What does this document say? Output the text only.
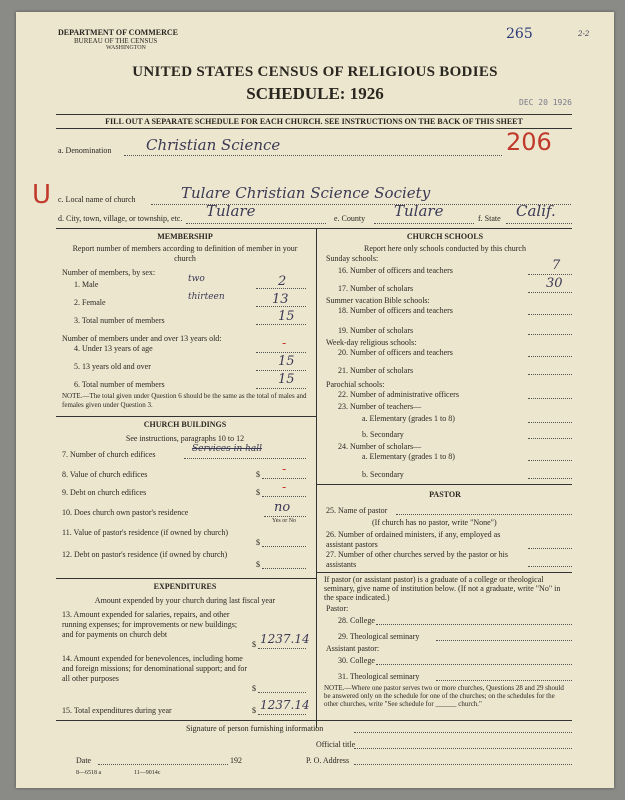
DEPARTMENT OF COMMERCE
BUREAU OF THE CENSUS
WASHINGTON
265	2-2
UNITED STATES CENSUS OF RELIGIOUS BODIES
SCHEDULE: 1926	DEC 20 1926
FILL OUT A SEPARATE SCHEDULE FOR EACH CHURCH. SEE INSTRUCTIONS ON THE BACK OF THIS SHEET
206
U
a. Denomination Christian Science
c. Local name of church	Tulare Christian Science Society
d. City, town, village, or township, etc. Tulare	e. County Tulare	f. State Calif.
MEMBERSHIP
Report number of members according to definition of member in your church
Number of members, by sex:
1. Male
two	2
2. Female
thirteen	13
3. Total number of members	15
Number of members under and over 13 years old:
4. Under 13 years of age	-
5. 13 years old and over	15
6. Total number of members	15
NOTE.—The total given under Question 6 should be the same as the total of males and females given under Question 3.
CHURCH BUILDINGS
See instructions, paragraphs 10 to 12
7. Number of church edifices
Services in hall
8. Value of church edifices	$ -
9. Debt on church edifices	$ -
10. Does church own pastor's residence	no
Yes or No
11. Value of pastor's residence (if owned by church)
$
12. Debt on pastor's residence (if owned by church)
$
EXPENDITURES
Amount expended by your church during last fiscal year
13. Amount expended for salaries, repairs, and other running expenses; for improvements or new buildings; and for payments on church debt
$ 1237.14
14. Amount expended for benevolences, including home and foreign missions; for denominational support; and for all other purposes
$
15. Total expenditures during year	$ 1237.14
CHURCH SCHOOLS
Report here only schools conducted by this church
Sunday schools:
16. Number of officers and teachers	7
17. Number of scholars	30
Summer vacation Bible schools:
18. Number of officers and teachers
19. Number of scholars
Week-day religious schools:
20. Number of officers and teachers
21. Number of scholars
Parochial schools:
22. Number of administrative officers
23. Number of teachers—
a. Elementary (grades 1 to 8)
b. Secondary
24. Number of scholars—
a. Elementary (grades 1 to 8)
b. Secondary
PASTOR
25. Name of pastor
(If church has no pastor, write "None")
26. Number of ordained ministers, if any, employed as assistant pastors
27. Number of other churches served by the pastor or his assistants
If pastor (or assistant pastor) is a graduate of a college or theological seminary, give name of institution below. (If not a graduate, write "No" in the space indicated.)
Pastor:
28. College
29. Theological seminary
Assistant pastor:
30. College
31. Theological seminary
NOTE.—Where one pastor serves two or more churches, Questions 28 and 29 should be answered only on the schedule for one of the churches; on the schedules for the other churches, write "See schedule for ______ church."
Signature of person furnishing information
Official title
Date	192	P. O. Address
8—6518 a	11—9014c
